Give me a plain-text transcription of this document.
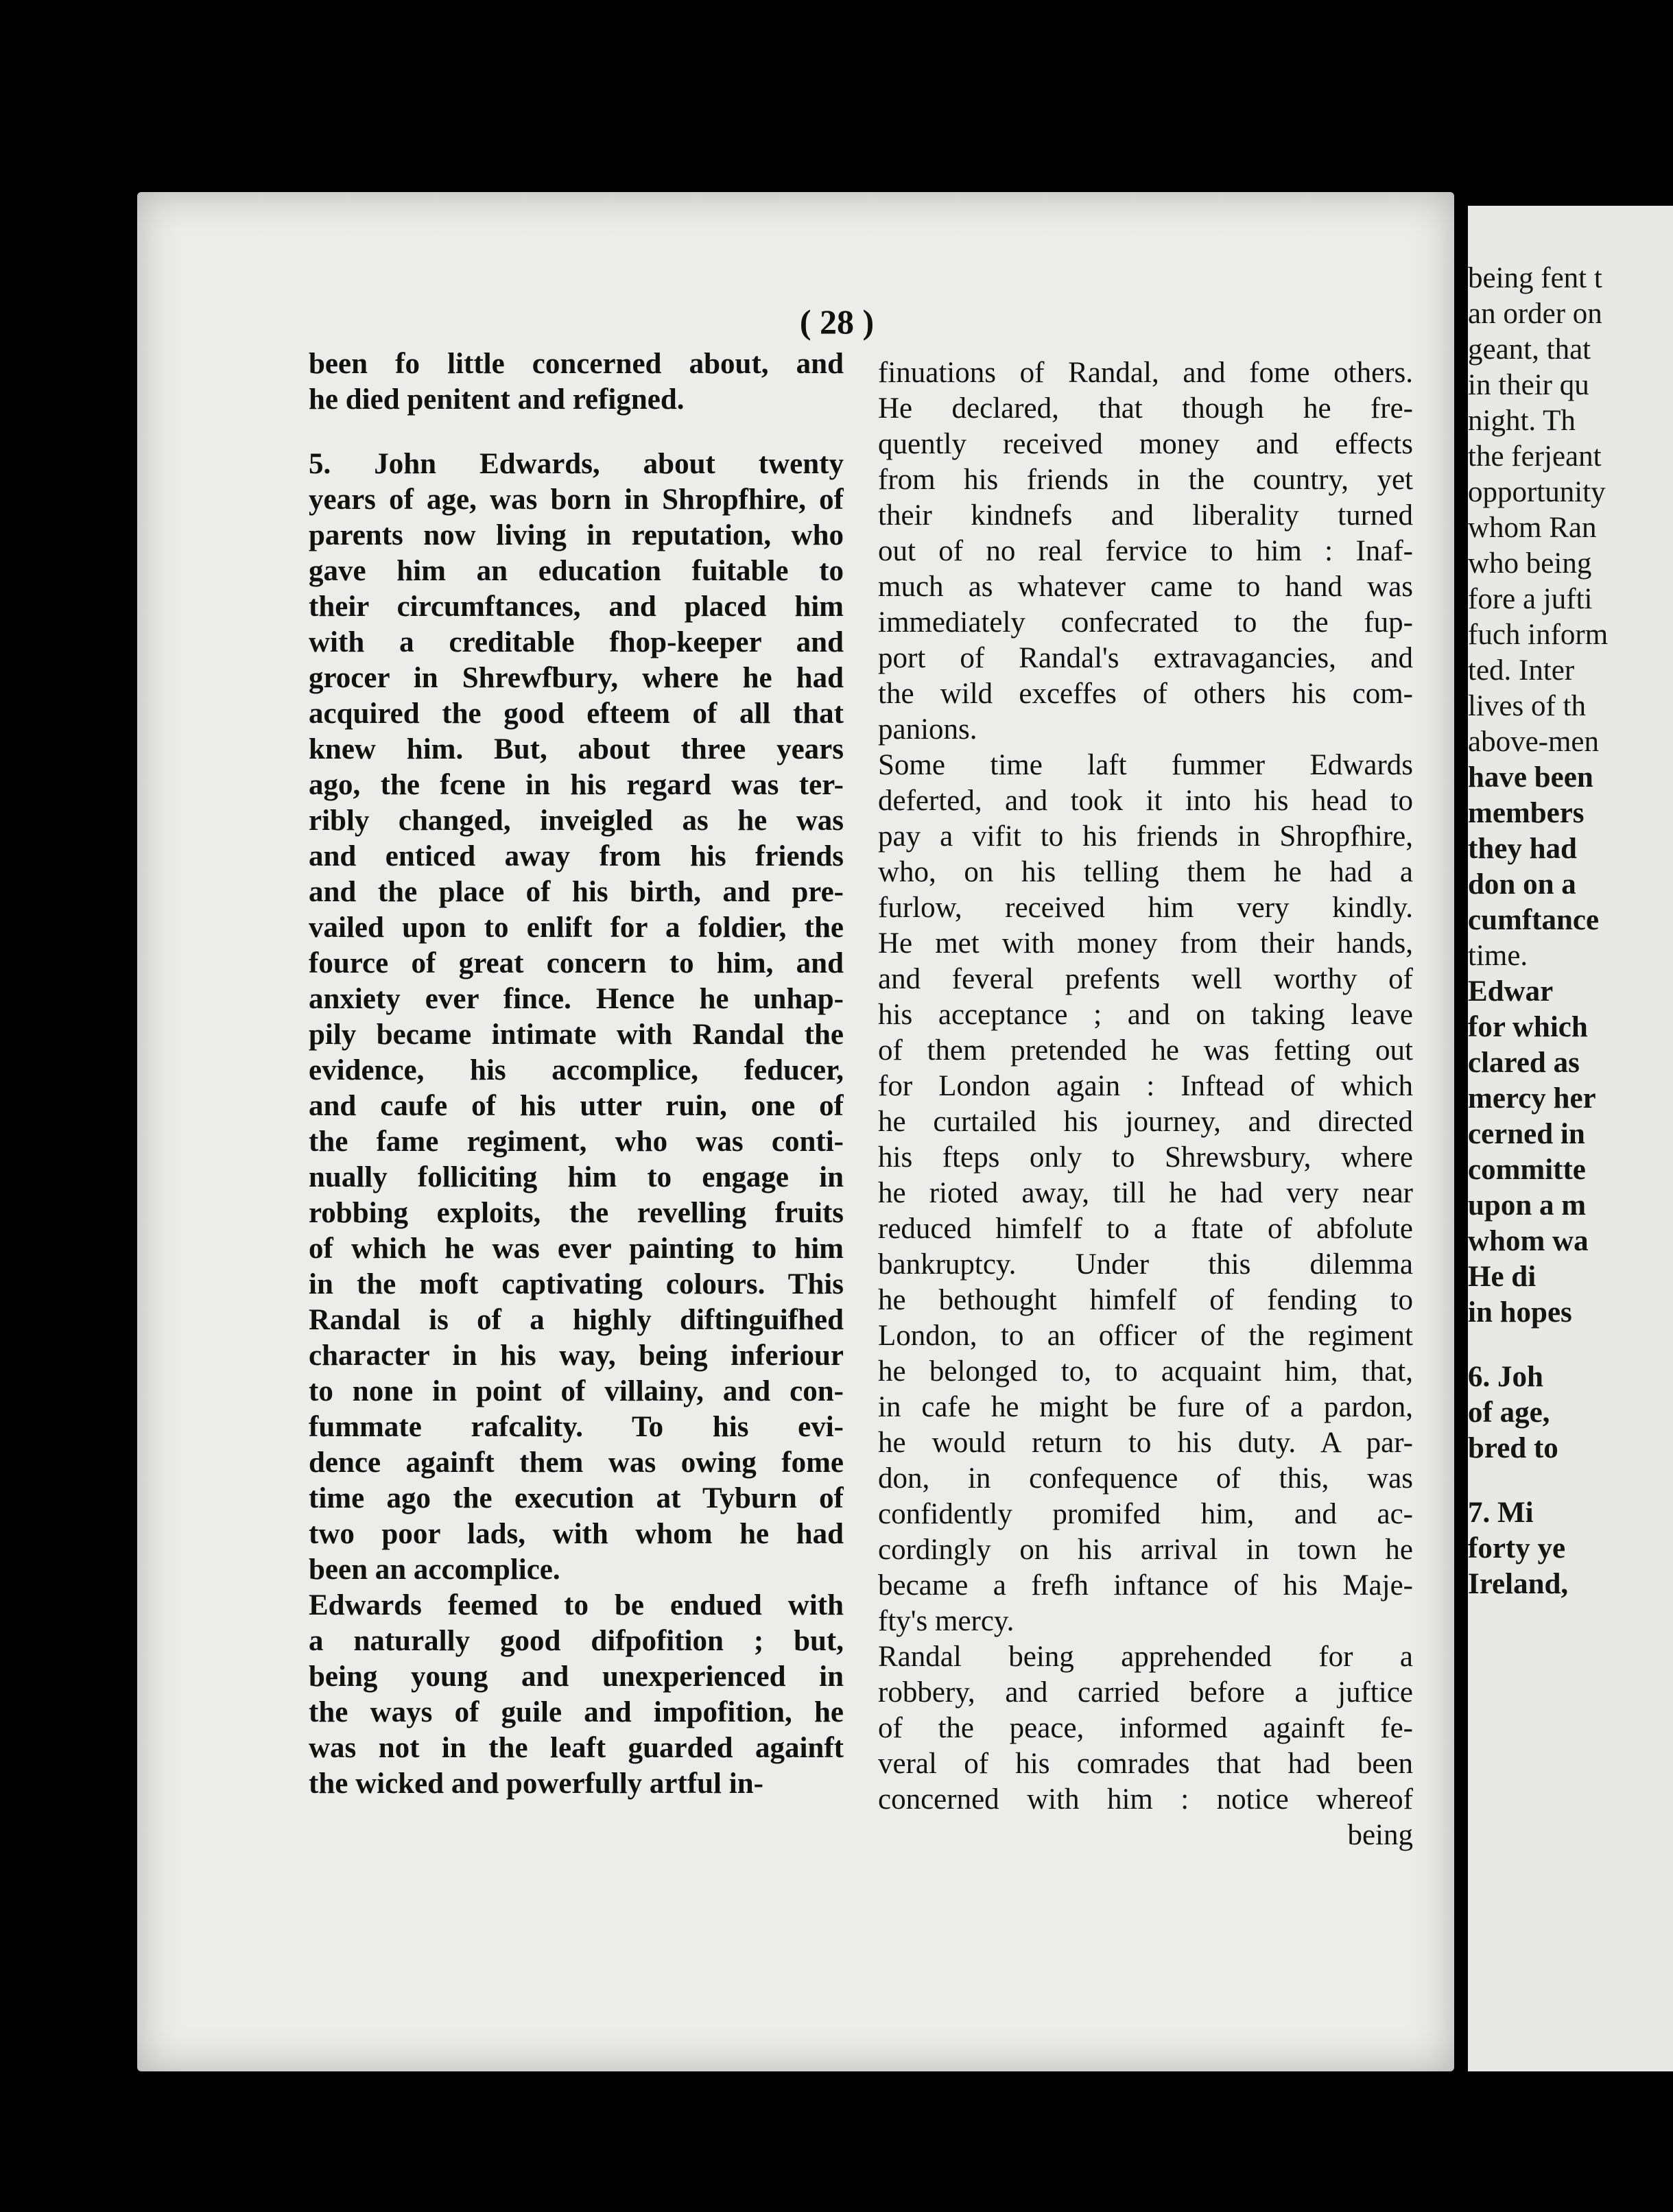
( 28 )
been fo little concerned about, and
he died penitent and refigned.
5. John Edwards, about twenty
years of age, was born in Shropfhire, of
parents now living in reputation, who
gave him an education fuitable to
their circumftances, and placed him
with a creditable fhop-keeper and
grocer in Shrewfbury, where he had
acquired the good efteem of all that
knew him. But, about three years
ago, the fcene in his regard was ter-
ribly changed, inveigled as he was
and enticed away from his friends
and the place of his birth, and pre-
vailed upon to enlift for a foldier, the
fource of great concern to him, and
anxiety ever fince. Hence he unhap-
pily became intimate with Randal the
evidence, his accomplice, feducer,
and caufe of his utter ruin, one of
the fame regiment, who was conti-
nually folliciting him to engage in
robbing exploits, the revelling fruits
of which he was ever painting to him
in the moft captivating colours. This
Randal is of a highly diftinguifhed
character in his way, being inferiour
to none in point of villainy, and con-
fummate rafcality. To his evi-
dence againft them was owing fome
time ago the execution at Tyburn of
two poor lads, with whom he had
been an accomplice.
Edwards feemed to be endued with
a naturally good difpofition ; but,
being young and unexperienced in
the ways of guile and impofition, he
was not in the leaft guarded againft
the wicked and powerfully artful in-
finuations of Randal, and fome others.
He declared, that though he fre-
quently received money and effects
from his friends in the country, yet
their kindnefs and liberality turned
out of no real fervice to him : Inaf-
much as whatever came to hand was
immediately confecrated to the fup-
port of Randal's extravagancies, and
the wild exceffes of others his com-
panions.
Some time laft fummer Edwards
deferted, and took it into his head to
pay a vifit to his friends in Shropfhire,
who, on his telling them he had a
furlow, received him very kindly.
He met with money from their hands,
and feveral prefents well worthy of
his acceptance ; and on taking leave
of them pretended he was fetting out
for London again : Inftead of which
he curtailed his journey, and directed
his fteps only to Shrewsbury, where
he rioted away, till he had very near
reduced himfelf to a ftate of abfolute
bankruptcy. Under this dilemma
he bethought himfelf of fending to
London, to an officer of the regiment
he belonged to, to acquaint him, that,
in cafe he might be fure of a pardon,
he would return to his duty. A par-
don, in confequence of this, was
confidently promifed him, and ac-
cordingly on his arrival in town he
became a frefh inftance of his Maje-
fty's mercy.
Randal being apprehended for a
robbery, and carried before a juftice
of the peace, informed againft fe-
veral of his comrades that had been
concerned with him : notice whereof
being
being fent t
an order on
geant, that
in their qu
night. Th
the ferjeant
opportunity
whom Ran
who being
fore a jufti
fuch inform
ted. Inter
lives of th
above-men
have been
members
they had
don on a
cumftance
time.
Edwar
for which
clared as
mercy her
cerned in
committe
upon a m
whom wa
He di
in hopes
6. Joh
of age,
bred to
7. Mi
forty ye
Ireland,
